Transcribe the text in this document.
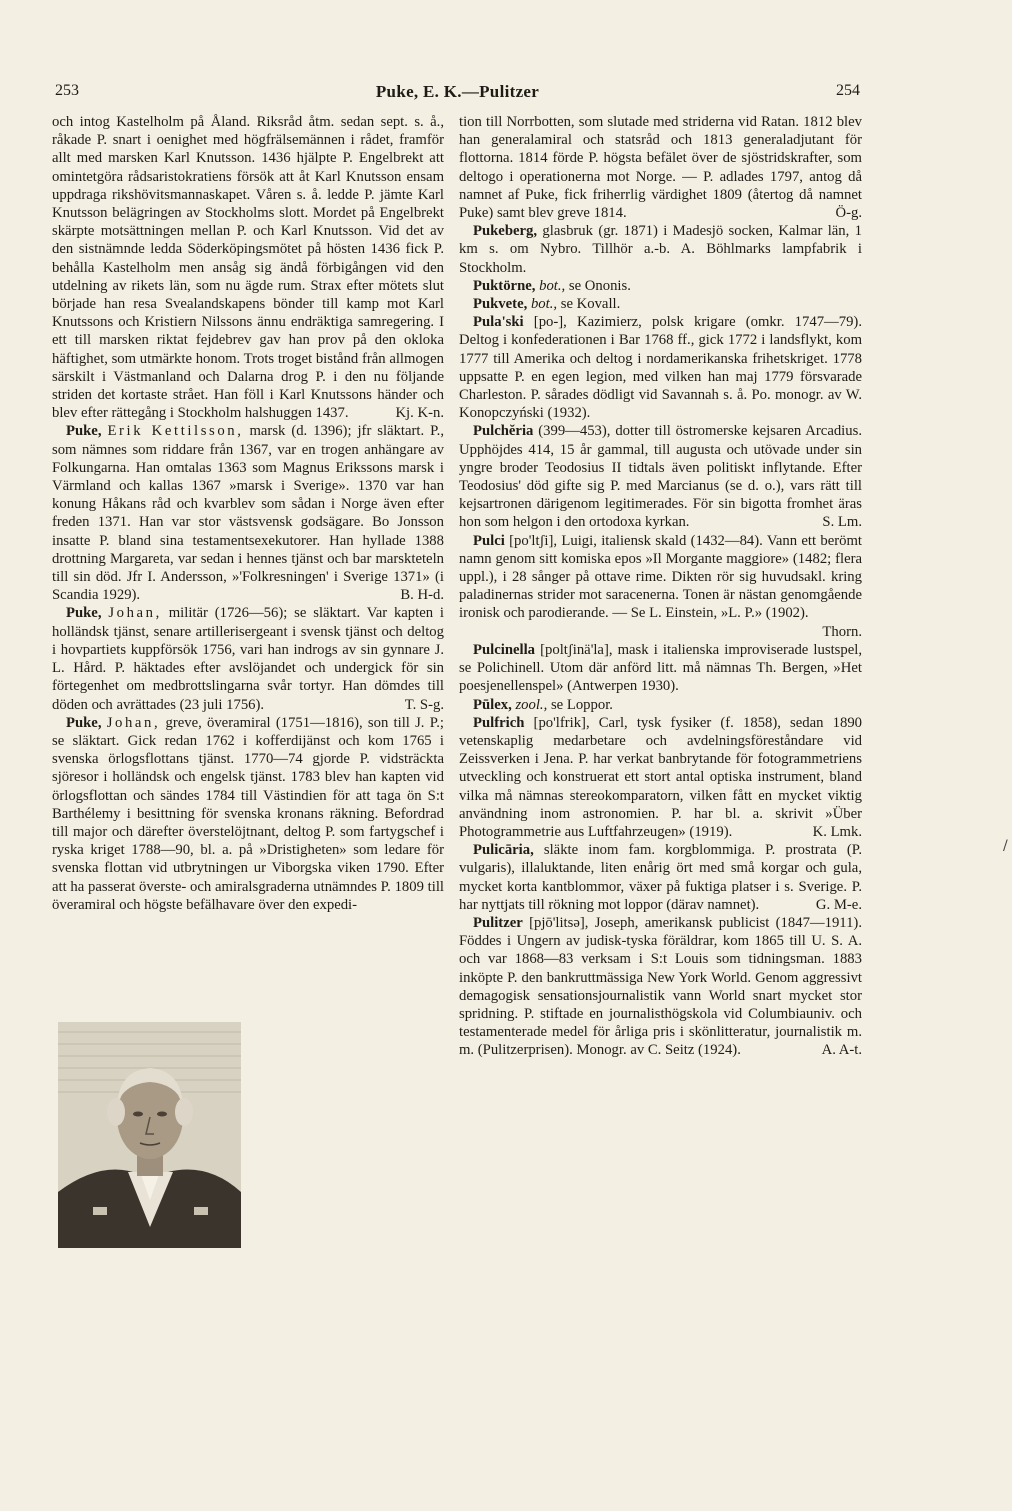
253	Puke, E. K.—Pulitzer	254

och intog Kastelholm på Åland. Riksråd åtm. sedan sept. s. å., råkade P. snart i oenighet med högfrälsemännen i rådet, framför allt med marsken Karl Knutsson. 1436 hjälpte P. Engelbrekt att omintetgöra rådsaristokratiens försök att åt Karl Knutsson ensam uppdraga rikshövitsmannaskapet. Våren s. å. ledde P. jämte Karl Knutsson belägringen av Stockholms slott. Mordet på Engelbrekt skärpte motsättningen mellan P. och Karl Knutsson. Vid det av den sistnämnde ledda Söderköpingsmötet på hösten 1436 fick P. behålla Kastelholm men ansåg sig ändå förbigången vid den utdelning av rikets län, som nu ägde rum. Strax efter mötets slut började han resa Svealandskapens bönder till kamp mot Karl Knutssons och Kristiern Nilssons ännu endräktiga samregering. I ett till marsken riktat fejdebrev gav han prov på den okloka häftighet, som utmärkte honom. Trots troget bistånd från allmogen särskilt i Västmanland och Dalarna drog P. i den nu följande striden det kortaste strået. Han föll i Karl Knutssons händer och blev efter rättegång i Stockholm halshuggen 1437.	Kj. K-n.

Puke, Erik Kettilsson, marsk (d. 1396); jfr släktart. P., som nämnes som riddare från 1367, var en trogen anhängare av Folkungarna. Han omtalas 1363 som Magnus Erikssons marsk i Värmland och kallas 1367 »marsk i Sverige». 1370 var han konung Håkans råd och kvarblev som sådan i Norge även efter freden 1371. Han var stor västsvensk godsägare. Bo Jonsson insatte P. bland sina testamentsexekutorer. Han hyllade 1388 drottning Margareta, var sedan i hennes tjänst och bar marskteteln till sin död. Jfr I. Andersson, »'Folkresningen' i Sverige 1371» (i Scandia 1929).	B. H-d.

Puke, Johan, militär (1726—56); se släktart. Var kapten i holländsk tjänst, senare artillerisergeant i svensk tjänst och deltog i hovpartiets kuppförsök 1756, vari han indrogs av sin gynnare J. L. Hård. P. häktades efter avslöjandet och undergick för sin förtegenhet om medbrottslingarna svår tortyr. Han dömdes till döden och avrättades (23 juli 1756).	T. S-g.

Puke, Johan, greve, överamiral (1751—1816), son till J. P.; se släktart. Gick redan 1762 i kofferdijänst och kom 1765 i svenska örlogsflottans tjänst. 1770—74 gjorde P. vidsträckta sjöresor i holländsk och engelsk tjänst. 1783 blev han kapten vid örlogsflottan och sändes 1784 till Västindien för att taga ön S:t Barthélemy i besittning för svenska kronans räkning. Befordrad till major och därefter överstelöjtnant, deltog P. som fartygschef i ryska kriget 1788—90, bl. a. på »Dristigheten» som ledare för svenska flottan vid utbrytningen ur Viborgska viken 1790. Efter att ha passerat överste- och amiralsgraderna utnämndes P. 1809 till överamiral och högste befälhavare över den expedi-

tion till Norrbotten, som slutade med striderna vid Ratan. 1812 blev han generalamiral och statsråd och 1813 generaladjutant för flottorna. 1814 förde P. högsta befälet över de sjöstridskrafter, som deltogo i operationerna mot Norge. — P. adlades 1797, antog då namnet af Puke, fick friherrlig värdighet 1809 (återtog då namnet Puke) samt blev greve 1814.	Ö-g.

Pukeberg, glasbruk (gr. 1871) i Madesjö socken, Kalmar län, 1 km s. om Nybro. Tillhör a.-b. A. Böhlmarks lampfabrik i Stockholm.

Puktörne, bot., se Ononis.

Pukvete, bot., se Kovall.

Pula'ski [po-], Kazimierz, polsk krigare (omkr. 1747—79). Deltog i konfederationen i Bar 1768 ff., gick 1772 i landsflykt, kom 1777 till Amerika och deltog i nordamerikanska frihetskriget. 1778 uppsatte P. en egen legion, med vilken han maj 1779 försvarade Charleston. P. sårades dödligt vid Savannah s. å. Po. monogr. av W. Konopczyński (1932).

Pulchĕria (399—453), dotter till östromerske kejsaren Arcadius. Upphöjdes 414, 15 år gammal, till augusta och utövade under sin yngre broder Teodosius II tidtals även politiskt inflytande. Efter Teodosius' död gifte sig P. med Marcianus (se d. o.), vars rätt till kejsartronen därigenom legitimerades. För sin bigotta fromhet äras hon som helgon i den ortodoxa kyrkan.	S. Lm.

Pulci [po'ltʃi], Luigi, italiensk skald (1432—84). Vann ett berömt namn genom sitt komiska epos »Il Morgante maggiore» (1482; flera uppl.), i 28 sånger på ottave rime. Dikten rör sig huvudsakl. kring paladinernas strider mot saracenerna. Tonen är nästan genomgående ironisk och parodierande. — Se L. Einstein, »L. P.» (1902).
Thorn.

Pulcinella [poltʃinä'la], mask i italienska improviserade lustspel, se Polichinell. Utom där anförd litt. må nämnas Th. Bergen, »Het poesjenellenspel» (Antwerpen 1930).

Pūlex, zool., se Loppor.

Pulfrich [po'lfrik], Carl, tysk fysiker (f. 1858), sedan 1890 vetenskaplig medarbetare och avdelningsföreståndare vid Zeissverken i Jena. P. har verkat banbrytande för fotogrammetriens utveckling och konstruerat ett stort antal optiska instrument, bland vilka må nämnas stereokomparatorn, vilken fått en mycket viktig användning inom astronomien. P. har bl. a. skrivit »Über Photogrammetrie aus Luftfahrzeugen» (1919).	K. Lmk.

Pulicāria, släkte inom fam. korgblommiga. P. prostrata (P. vulgaris), illaluktande, liten enårig ört med små korgar och gula, mycket korta kantblommor, växer på fuktiga platser i s. Sverige. P. har nyttjats till rökning mot loppor (därav namnet).	G. M-e.

Pulitzer [pjō'litsə], Joseph, amerikansk publicist (1847—1911). Föddes i Ungern av judisk-tyska föräldrar, kom 1865 till U. S. A. och var 1868—83 verksam i S:t Louis som tidningsman. 1883 inköpte P. den bankruttmässiga New York World. Genom aggressivt demagogisk sensationsjournalistik vann World snart mycket stor spridning. P. stiftade en journalisthögskola vid Columbiauniv. och testamenterade medel för årliga pris i skönlitteratur, journalistik m. m. (Pulitzerprisen). Monogr. av C. Seitz (1924).	A. A-t.

/
